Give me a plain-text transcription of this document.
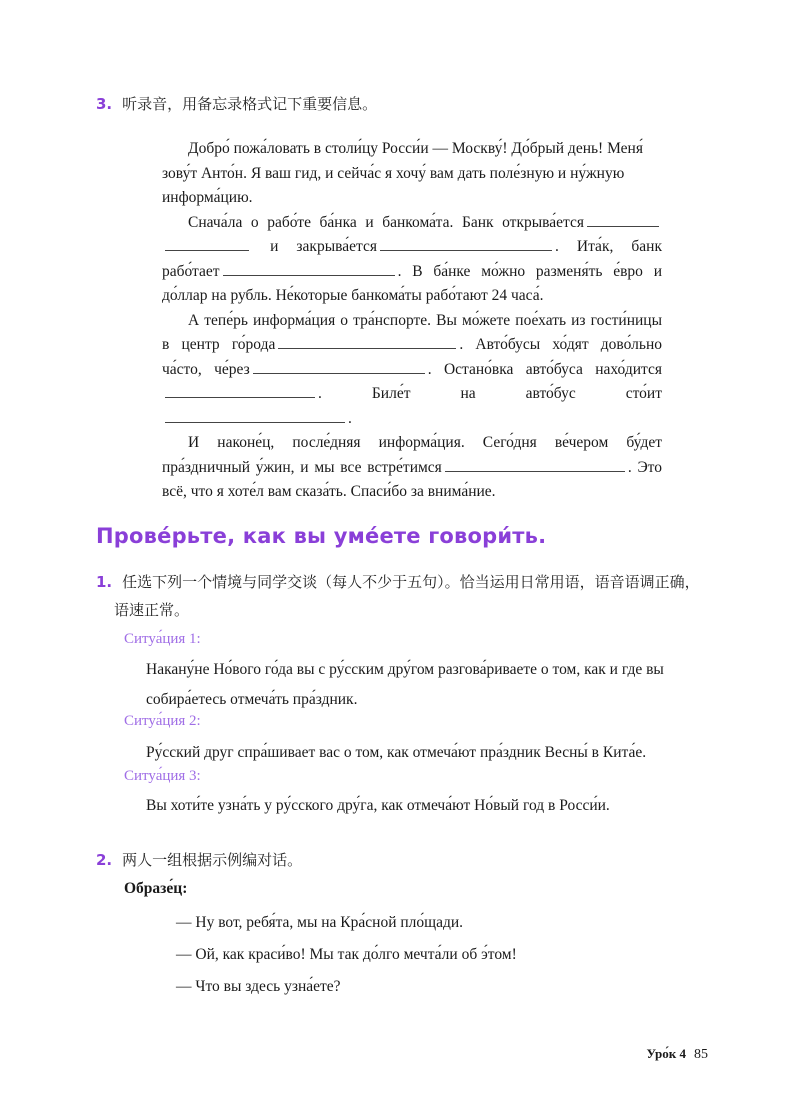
3. 听录音，用备忘录格式记下重要信息。

Добро́ пожа́ловать в столи́цу Росси́и — Москву́! До́брый день! Меня́ зову́т Анто́н. Я ваш гид, и сейча́с я хочу́ вам дать поле́зную и ну́жную информа́цию.

Снача́ла о рабо́те ба́нка и банкома́та. Банк открыва́ется и закрыва́ется	. Ита́к, банк рабо́тает	. В ба́нке мо́жно разменя́ть е́вро и до́ллар на рубль. Не́которые банкома́ты рабо́тают 24 часа́.

А тепе́рь информа́ция о тра́нспорте. Вы мо́жете пое́хать из гости́ницы в центр го́рода	. Авто́бусы хо́дят дово́льно ча́сто, че́рез	. Остано́вка авто́буса нахо́дится. Биле́т на авто́бус сто́ит.

И наконе́ц, после́дняя информа́ция. Сего́дня ве́чером бу́дет пра́здничный у́жин, и мы все встре́тимся	. Это всё, что я хоте́л вам сказа́ть. Спаси́бо за внима́ние.

Прове́рьте, как вы уме́ете говори́ть.
1. 任选下列一个情境与同学交谈（每人不少于五句）。恰当运用日常用语，语音语调正确，
语速正常。
Ситуа́ция 1:
Накану́не Но́вого го́да вы с ру́сским дру́гом разгова́риваете о том, как и где вы собира́етесь отмеча́ть пра́здник.
Ситуа́ция 2:
Ру́сский друг спра́шивает вас о том, как отмеча́ют пра́здник Весны́ в Кита́е.
Ситуа́ция 3:
Вы хоти́те узна́ть у ру́сского дру́га, как отмеча́ют Но́вый год в Росси́и.
2. 两人一组根据示例编对话。
Образе́ц:
— Ну вот, ребя́та, мы на Кра́сной пло́щади.
— Ой, как краси́во! Мы так до́лго мечта́ли об э́том!
— Что вы здесь узна́ете?
Уро́к 4 85
